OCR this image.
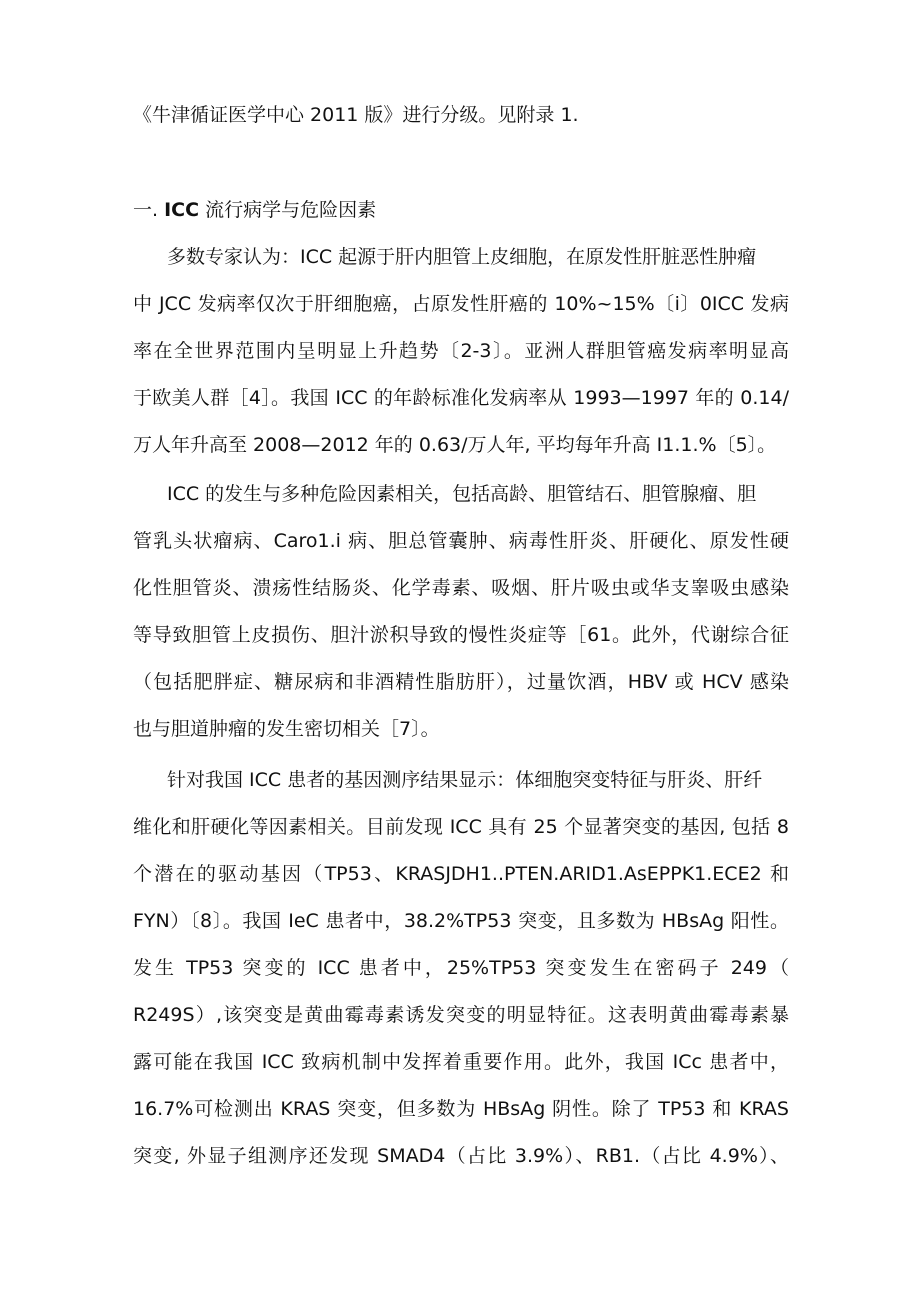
《牛津循证医学中心 2011 版》进行分级。见附录 1.
一. ICC 流行病学与危险因素
多数专家认为：ICC 起源于肝内胆管上皮细胞，在原发性肝脏恶性肿瘤
中 JCC 发病率仅次于肝细胞癌，占原发性肝癌的 10%~15%〔i〕0ICC 发病
率在全世界范围内呈明显上升趋势〔2-3〕。亚洲人群胆管癌发病率明显高
于欧美人群［4］。我国 ICC 的年龄标准化发病率从 1993—1997 年的 0.14/
万人年升高至 2008—2012 年的 0.63/万人年, 平均每年升高 I1.1.%〔5〕。
ICC 的发生与多种危险因素相关，包括高龄、胆管结石、胆管腺瘤、胆
管乳头状瘤病、Caro1.i 病、胆总管囊肿、病毒性肝炎、肝硬化、原发性硬
化性胆管炎、溃疡性结肠炎、化学毒素、吸烟、肝片吸虫或华支睾吸虫感染
等导致胆管上皮损伤、胆汁淤积导致的慢性炎症等［61。此外，代谢综合征
（包括肥胖症、糖尿病和非酒精性脂肪肝），过量饮酒，HBV 或 HCV 感染
也与胆道肿瘤的发生密切相关［7〕。
针对我国 ICC 患者的基因测序结果显示：体细胞突变特征与肝炎、肝纤
维化和肝硬化等因素相关。目前发现 ICC 具有 25 个显著突变的基因, 包括 8
个潜在的驱动基因（TP53、KRASJDH1..PTEN.ARID1.AsEPPK1.ECE2 和
FYN）〔8〕。我国 IeC 患者中，38.2%TP53 突变，且多数为 HBsAg 阳性。
发生 TP53 突变的 ICC 患者中，25%TP53 突变发生在密码子 249（
R249S）,该突变是黄曲霉毒素诱发突变的明显特征。这表明黄曲霉毒素暴
露可能在我国 ICC 致病机制中发挥着重要作用。此外，我国 ICc 患者中，
16.7%可检测出 KRAS 突变，但多数为 HBsAg 阴性。除了 TP53 和 KRAS
突变, 外显子组测序还发现 SMAD4（占比 3.9%）、RB1.（占比 4.9%）、
